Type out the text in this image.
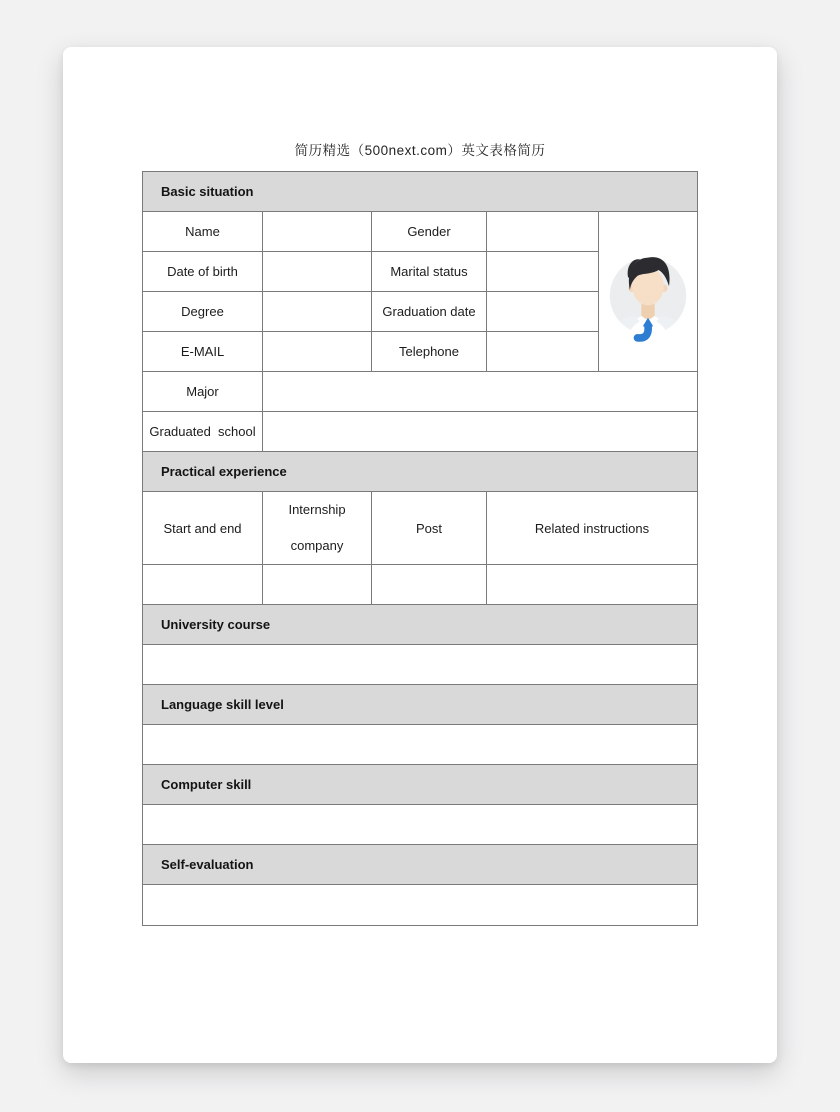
简历精选（500next.com）英文表格简历
Basic situation				
Name		Gender		

Date of birth		Marital status		
Degree		Graduation date		
E-MAIL		Telephone		
Major				
Graduated  school				
Practical experience				
Start and end	Internship company	Post	Related instructions	

University course				

Language skill level				

Computer skill				

Self-evaluation				
